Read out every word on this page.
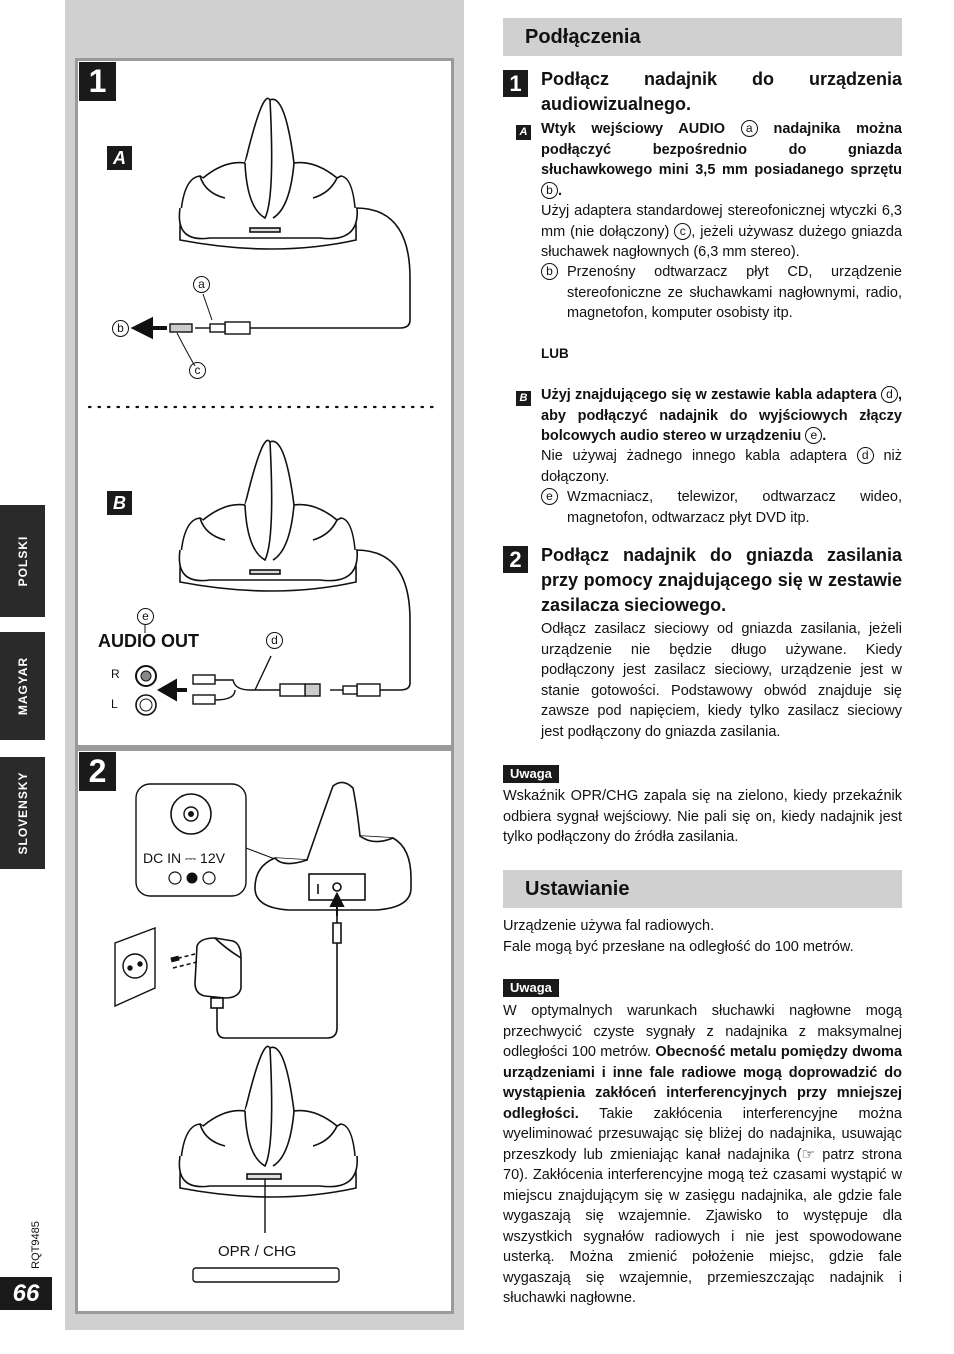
POLSKI
MAGYAR
SLOVENSKY
RQT9485
66
1
A
B
a
b
c
e
d
AUDIO OUT
R
L
2
DC IN ⎓ 12V
OPR / CHG
Podłączenia
1	Podłącz nadajnik do urządzenia audiowizualnego.
A Wtyk wejściowy AUDIO a nadajnika można podłączyć bezpośrednio do gniazda słuchawkowego mini 3,5 mm posiadanego sprzętu b .
Użyj adaptera standardowej stereofonicznej wtyczki 6,3 mm (nie dołączony) c , jeżeli używasz dużego gniazda słuchawek nagłownych (6,3 mm stereo).
b Przenośny odtwarzacz płyt CD, urządzenie stereofoniczne ze słuchawkami nagłownymi, radio, magnetofon, komputer osobisty itp.
LUB
B Użyj znajdującego się w zestawie kabla adaptera d , aby podłączyć nadajnik do wyjściowych złączy bolcowych audio stereo w urządzeniu e .
Nie używaj żadnego innego kabla adaptera d niż dołączony.
e Wzmacniacz, telewizor, odtwarzacz wideo, magnetofon, odtwarzacz płyt DVD itp.
2	Podłącz nadajnik do gniazda zasilania przy pomocy znajdującego się w zestawie zasilacza sieciowego.
Odłącz zasilacz sieciowy od gniazda zasilania, jeżeli urządzenie nie będzie długo używane. Kiedy podłączony jest zasilacz sieciowy, urządzenie jest w stanie gotowości. Podstawowy obwód znajduje się zawsze pod napięciem, kiedy tylko zasilacz sieciowy jest podłączony do gniazda zasilania.
Uwaga
Wskaźnik OPR/CHG zapala się na zielono, kiedy przekaźnik odbiera sygnał wejściowy. Nie pali się on, kiedy nadajnik jest tylko podłączony do źródła zasilania.
Ustawianie
Urządzenie używa fal radiowych.
Fale mogą być przesłane na odległość do 100 metrów.
Uwaga
W optymalnych warunkach słuchawki nagłowne mogą przechwycić czyste sygnały z nadajnika z maksymalnej odległości 100 metrów. Obecność metalu pomiędzy dwoma urządzeniami i inne fale radiowe mogą doprowadzić do wystąpienia zakłóceń interferencyjnych przy mniejszej odległości. Takie zakłócenia interferencyjne można wyeliminować przesuwając się bliżej do nadajnika, usuwając przeszkody lub zmieniając kanał nadajnika (☞ patrz strona 70). Zakłócenia interferencyjne mogą też czasami wystąpić w miejscu znajdującym się w zasięgu nadajnika, ale gdzie fale wygaszają się wzajemnie. Zjawisko to występuje dla wszystkich sygnałów radiowych i nie jest spowodowane usterką. Można zmienić położenie miejsc, gdzie fale wygaszają się wzajemnie, przemieszczając nadajnik i słuchawki nagłowne.
